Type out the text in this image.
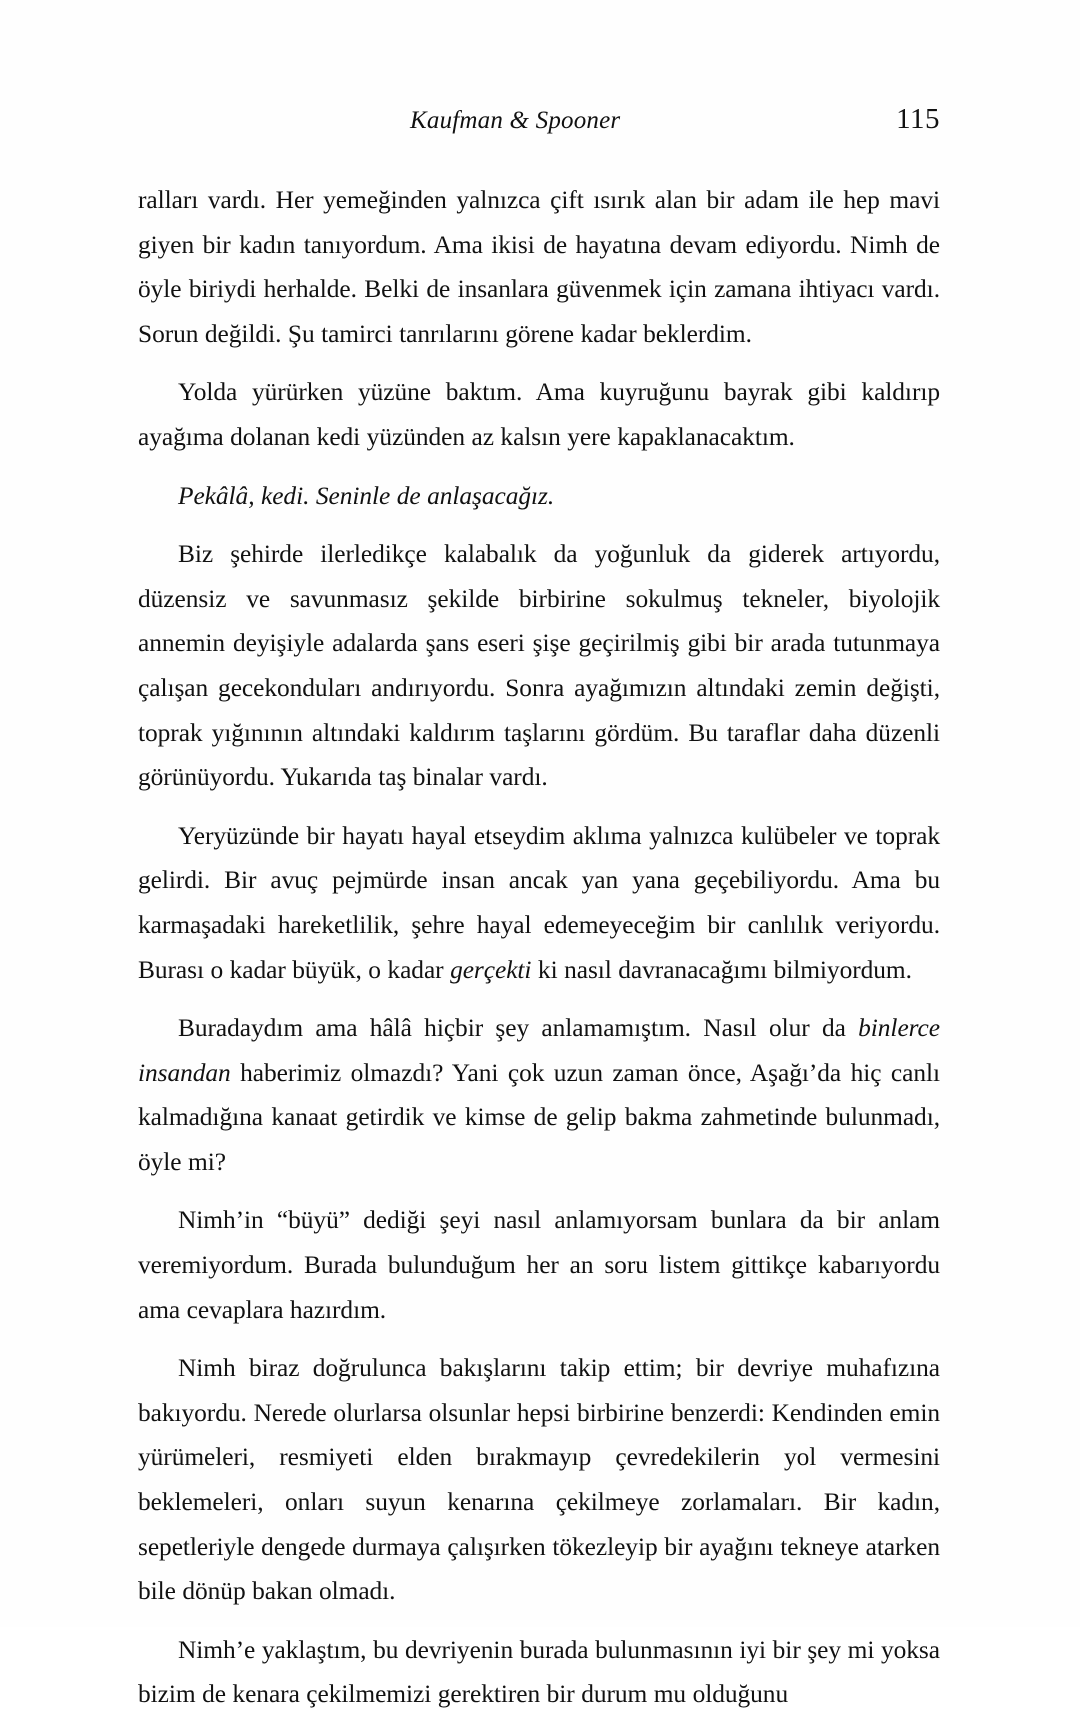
Kaufman & Spooner	115

ralları vardı. Her yemeğinden yalnızca çift ısırık alan bir adam ile hep mavi giyen bir kadın tanıyordum. Ama ikisi de hayatına devam ediyordu. Nimh de öyle biriydi herhalde. Belki de insanlara güvenmek için zamana ihtiyacı vardı. Sorun değildi. Şu tamirci tanrılarını görene kadar beklerdim.

Yolda yürürken yüzüne baktım. Ama kuyruğunu bayrak gibi kaldırıp ayağıma dolanan kedi yüzünden az kalsın yere kapaklanacaktım.

Pekâlâ, kedi. Seninle de anlaşacağız.

Biz şehirde ilerledikçe kalabalık da yoğunluk da giderek artıyordu, düzensiz ve savunmasız şekilde birbirine sokulmuş tekneler, biyolojik annemin deyişiyle adalarda şans eseri şişe geçirilmiş gibi bir arada tutunmaya çalışan gecekonduları andırıyordu. Sonra ayağımızın altındaki zemin değişti, toprak yığınının altındaki kaldırım taşlarını gördüm. Bu taraflar daha düzenli görünüyordu. Yukarıda taş binalar vardı.

Yeryüzünde bir hayatı hayal etseydim aklıma yalnızca kulübeler ve toprak gelirdi. Bir avuç pejmürde insan ancak yan yana geçebiliyordu. Ama bu karmaşadaki hareketlilik, şehre hayal edemeyeceğim bir canlılık veriyordu. Burası o kadar büyük, o kadar gerçekti ki nasıl davranacağımı bilmiyordum.

Buradaydım ama hâlâ hiçbir şey anlamamıştım. Nasıl olur da binlerce insandan haberimiz olmazdı? Yani çok uzun zaman önce, Aşağı’da hiç canlı kalmadığına kanaat getirdik ve kimse de gelip bakma zahmetinde bulunmadı, öyle mi?

Nimh’in “büyü” dediği şeyi nasıl anlamıyorsam bunlara da bir anlam veremiyordum. Burada bulunduğum her an soru listem gittikçe kabarıyordu ama cevaplara hazırdım.

Nimh biraz doğrulunca bakışlarını takip ettim; bir devriye muhafızına bakıyordu. Nerede olurlarsa olsunlar hepsi birbirine benzerdi: Kendinden emin yürümeleri, resmiyeti elden bırakmayıp çevredekilerin yol vermesini beklemeleri, onları suyun kenarına çekilmeye zorlamaları. Bir kadın, sepetleriyle dengede durmaya çalışırken tökezleyip bir ayağını tekneye atarken bile dönüp bakan olmadı.

Nimh’e yaklaştım, bu devriyenin burada bulunmasının iyi bir şey mi yoksa bizim de kenara çekilmemizi gerektiren bir durum mu olduğunu
